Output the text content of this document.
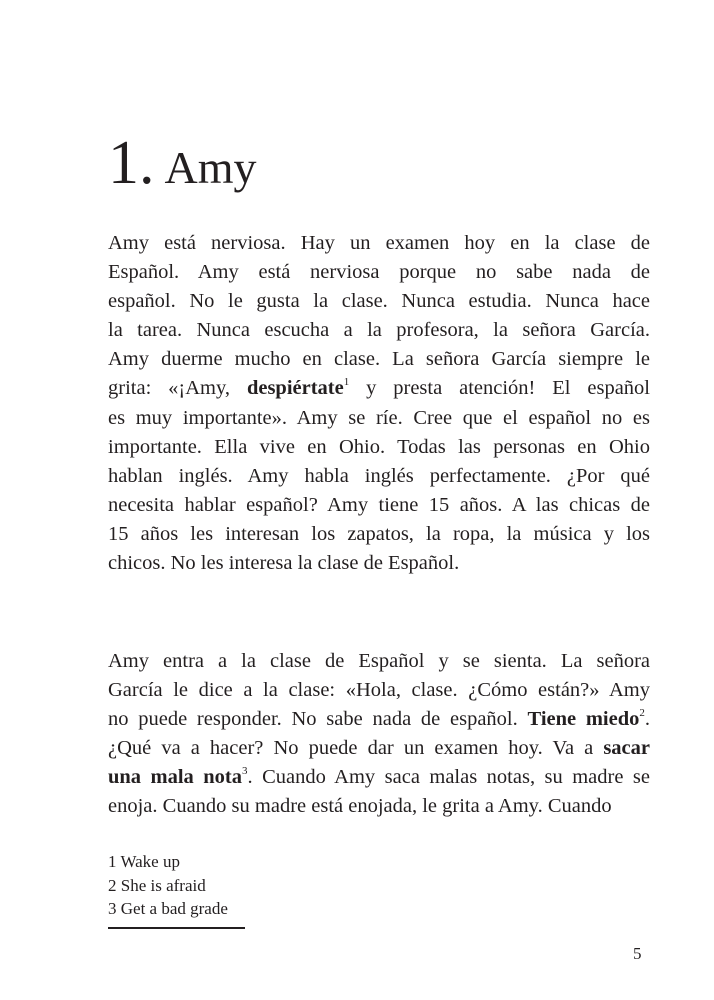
1. Amy
Amy está nerviosa. Hay un examen hoy en la clase de
Español. Amy está nerviosa porque no sabe nada de
español. No le gusta la clase. Nunca estudia. Nunca hace
la tarea. Nunca escucha a la profesora, la señora García.
Amy duerme mucho en clase. La señora García siempre le
grita: «¡Amy, despiértate$^1$ y presta atención! El español
es muy importante». Amy se ríe. Cree que el español no es
importante. Ella vive en Ohio. Todas las personas en Ohio
hablan inglés. Amy habla inglés perfectamente. ¿Por qué
necesita hablar español? Amy tiene 15 años. A las chicas de
15 años les interesan los zapatos, la ropa, la música y los
chicos. No les interesa la clase de Español.
Amy entra a la clase de Español y se sienta. La señora
García le dice a la clase: «Hola, clase. ¿Cómo están?» Amy
no puede responder. No sabe nada de español. Tiene miedo$^2$.
¿Qué va a hacer? No puede dar un examen hoy. Va a sacar
una mala nota$^3$. Cuando Amy saca malas notas, su madre se
enoja. Cuando su madre está enojada, le grita a Amy. Cuando
1 Wake up
2 She is afraid
3 Get a bad grade
5
